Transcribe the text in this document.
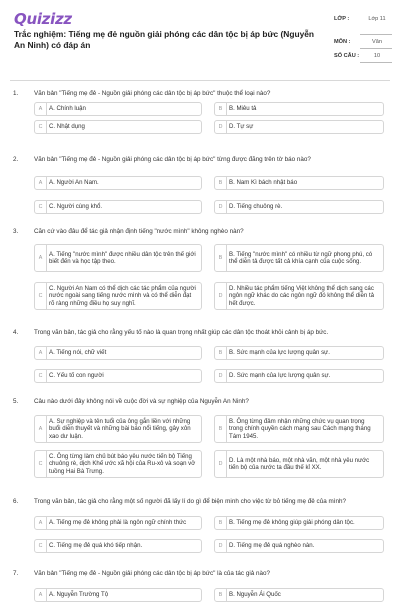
Quizizz
Trắc nghiệm: Tiếng mẹ đẻ nguồn giải phóng các dân tộc bị áp bức (Nguyễn An Ninh) có đáp án
LỚP :	Lớp 11
MÔN :	Văn
SỐ CÂU :	10
1. Văn bản "Tiếng mẹ đẻ - Nguồn giải phóng các dân tộc bị áp bức" thuộc thể loại nào?
A	A. Chính luận	B	B. Miêu tả
C	C. Nhật dụng	D	D. Tự sự
2. Văn bản "Tiếng mẹ đẻ - Nguồn giải phóng các dân tộc bị áp bức" từng được đăng trên tờ báo nào?
A	A. Người An Nam.	B	B. Nam Kì bách nhật báo
C	C. Người cùng khổ.	D	D. Tiếng chuông rè.
3. Căn cứ vào đâu để tác giả nhận định tiếng "nước mình" không nghèo nàn?
A
A. Tiếng "nước mình" được nhiều dân tộc trên thế giới biết đến và học tập theo.	B
B. Tiếng "nước mình" có nhiều từ ngữ phong phú, có thể diễn tả được tất cả khía cạnh của cuộc sống.
C
C. Người An Nam có thể dịch các tác phẩm của người nước ngoài sang tiếng nước mình và có thể diễn đạt rõ ràng những điều họ suy nghĩ.
D
D. Nhiều tác phẩm tiếng Việt không thể dịch sang các ngôn ngữ khác do các ngôn ngữ đó không thể diễn tả hết được.
4. Trong văn bản, tác giả cho rằng yếu tố nào là quan trọng nhất giúp các dân tộc thoát khỏi cảnh bị áp bức.
A	A. Tiếng nói, chữ viết	B	B. Sức mạnh của lực lượng quân sự.
C	C. Yếu tố con người	D	D. Sức mạnh của lực lượng quân sự.
5. Câu nào dưới đây không nói về cuộc đời và sự nghiệp của Nguyễn An Ninh?
A
A. Sự nghiệp và tên tuổi của ông gắn liền với những buổi diễn thuyết và những bài báo nổi tiếng, gây xôn xao dư luận.
B
B. Ông từng đảm nhận những chức vụ quan trọng trong chính quyền cách mạng sau Cách mạng tháng Tám 1945.
C
C. Ông từng làm chủ bút báo yêu nước tiến bộ Tiếng chuông rè, dịch Khế ước xã hội của Ru-xô và soạn vở tuồng Hai Bà Trưng.
D
D. Là một nhà báo, một nhà văn, một nhà yêu nước tiến bộ của nước ta đầu thế kỉ XX.
6. Trong văn bản, tác giả cho rằng một số người đã lấy lí do gì để biện minh cho việc từ bỏ tiếng mẹ đẻ của mình?
A	A. Tiếng mẹ đẻ không phải là ngôn ngữ chính thức	B	B. Tiếng mẹ đẻ không giúp giải phóng dân tộc.
C	C. Tiếng mẹ đẻ quá khó tiếp nhận.	D	D. Tiếng mẹ đẻ quá nghèo nàn.
7. Văn bản "Tiếng mẹ đẻ - Nguồn giải phóng các dân tộc bị áp bức" là của tác giả nào?
A	A. Nguyễn Trường Tộ	B	B. Nguyễn Ái Quốc
